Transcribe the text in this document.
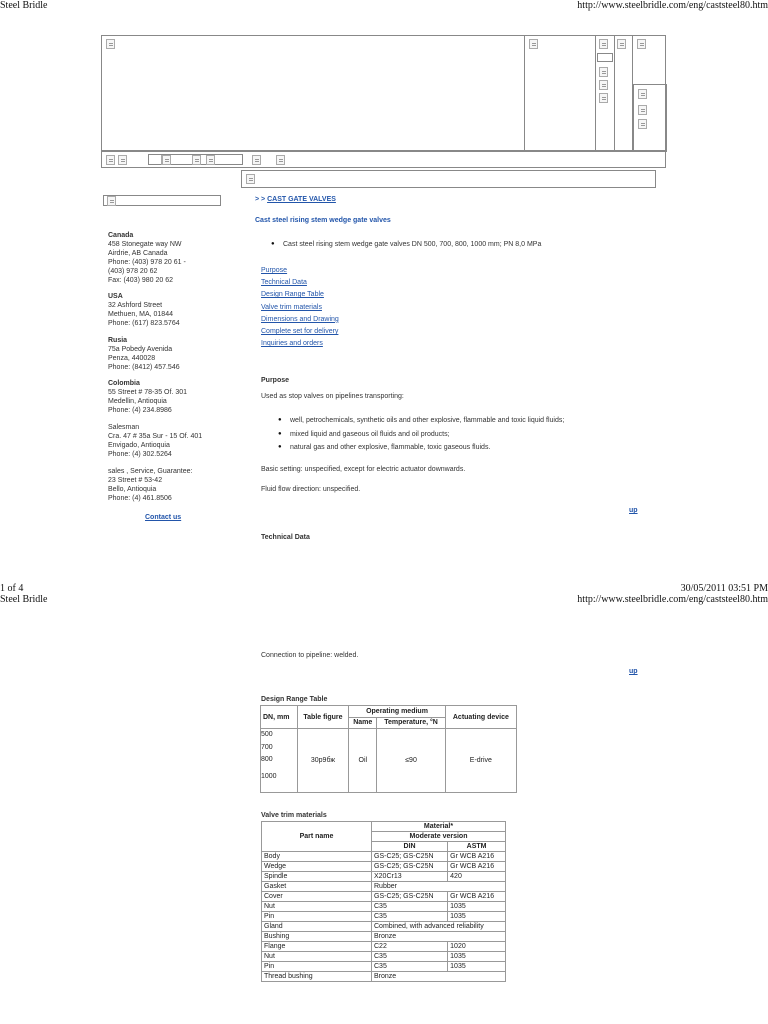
Steel Bridle	http://www.steelbridle.com/eng/caststeel80.htm
Canada
458 Stonegate way NW
Airdrie, AB Canada
Phone: (403) 978 20 61 -
(403) 978 20 62
Fax: (403) 980 20 62
USA
32 Ashford Street
Methuen, MA, 01844
Phone: (617) 823.5764
Rusia
75a Pobedy Avenida
Penza, 440028
Phone: (8412) 457.546
Colombia
55 Street # 78-35 Of. 301
Medellin, Antioquia
Phone: (4) 234.8986
Salesman
Cra. 47 # 35a Sur - 15 Of. 401
Envigado, Antioquia
Phone: (4) 302.5264
sales , Service, Guarantee:
23 Street # 53-42
Bello, Antioquia
Phone: (4) 461.8506
Contact us
> > CAST GATE VALVES
Cast steel rising stem wedge gate valves
● Cast steel rising stem wedge gate valves DN 500, 700, 800, 1000 mm; PN 8,0 MPa
Purpose
Technical Data
Design Range Table
Valve trim materials
Dimensions and Drawing
Complete set for delivery
Inquiries and orders
Purpose
Used as stop valves on pipelines transporting:
● well, petrochemicals, synthetic oils and other explosive, flammable and toxic liquid fluids;
● mixed liquid and gaseous oil fluids and oil products;
● natural gas and other explosive, flammable, toxic gaseous fluids.
Basic setting: unspecified, except for electric actuator downwards.
Fluid flow direction: unspecified.
up
Technical Data
1 of 4	30/05/2011 03:51 PM
Steel Bridle	http://www.steelbridle.com/eng/caststeel80.htm
Connection to pipeline: welded.
up
Design Range Table
DN, mm	Table figure	Operating medium		Actuating device
		Name	Temperature, °N	

500
700
800
1000	30р9бж	Oil	≤90	E-drive
Valve trim materials
Part name	Material*	
	Moderate version	
	DIN	ASTM
Body	GS-C25; GS-C25N	Gr WCB A216
Wedge	GS-C25; GS-C25N	Gr WCB A216
Spindle	X20Cr13	420
Gasket	Rubber	
Cover	GS-C25; GS-C25N	Gr WCB A216
Nut	C35	1035
Pin	C35	1035
Gland	Combined, with advanced reliability	
Bushing	Bronze	
Flange	C22	1020
Nut	C35	1035
Pin	C35	1035
Thread bushing	Bronze	
